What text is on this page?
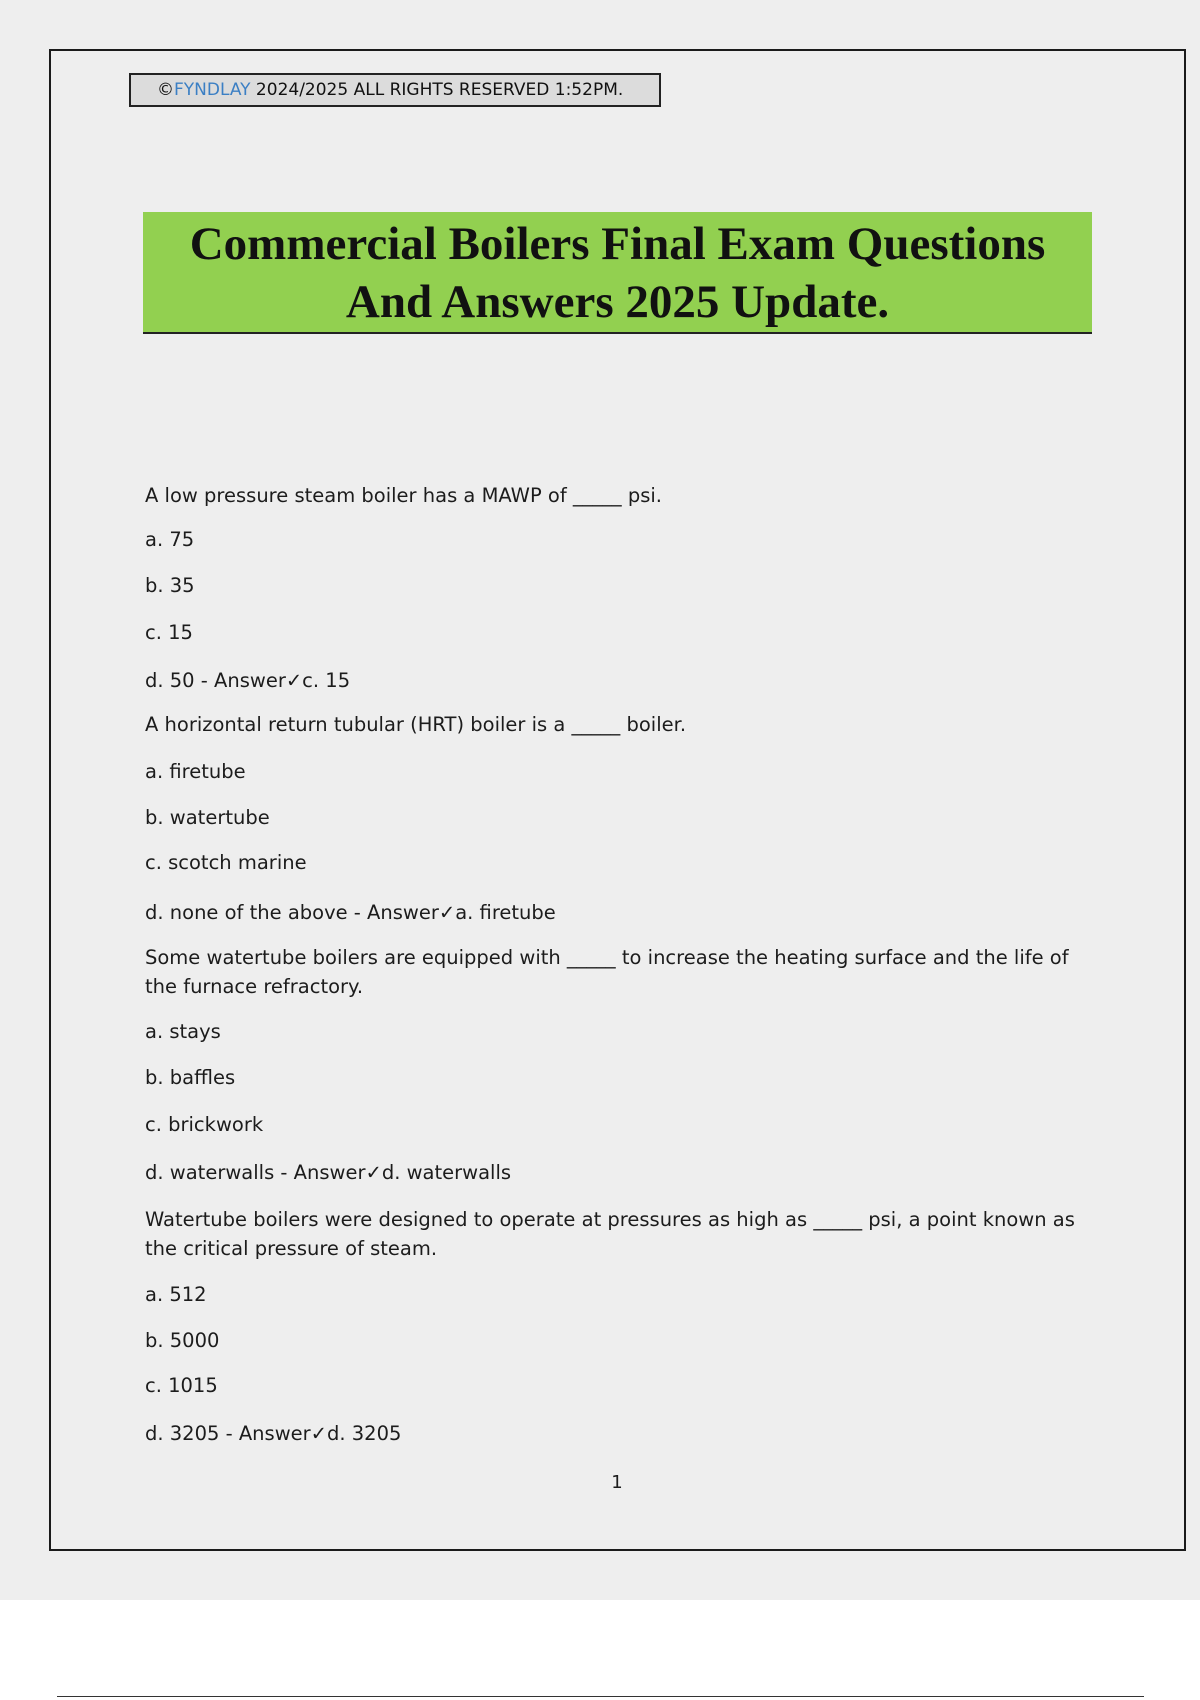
©FYNDLAY 2024/2025 ALL RIGHTS RESERVED 1:52PM.
Commercial Boilers Final Exam Questions
And Answers 2025 Update.
A low pressure steam boiler has a MAWP of _____ psi.
a. 75
b. 35
c. 15
d. 50 - Answer✓c. 15
A horizontal return tubular (HRT) boiler is a _____ boiler.
a. firetube
b. watertube
c. scotch marine
d. none of the above - Answer✓a. firetube
Some watertube boilers are equipped with _____ to increase the heating surface and the life of the furnace refractory.
a. stays
b. baffles
c. brickwork
d. waterwalls - Answer✓d. waterwalls
Watertube boilers were designed to operate at pressures as high as _____ psi, a point known as the critical pressure of steam.
a. 512
b. 5000
c. 1015
d. 3205 - Answer✓d. 3205
1
